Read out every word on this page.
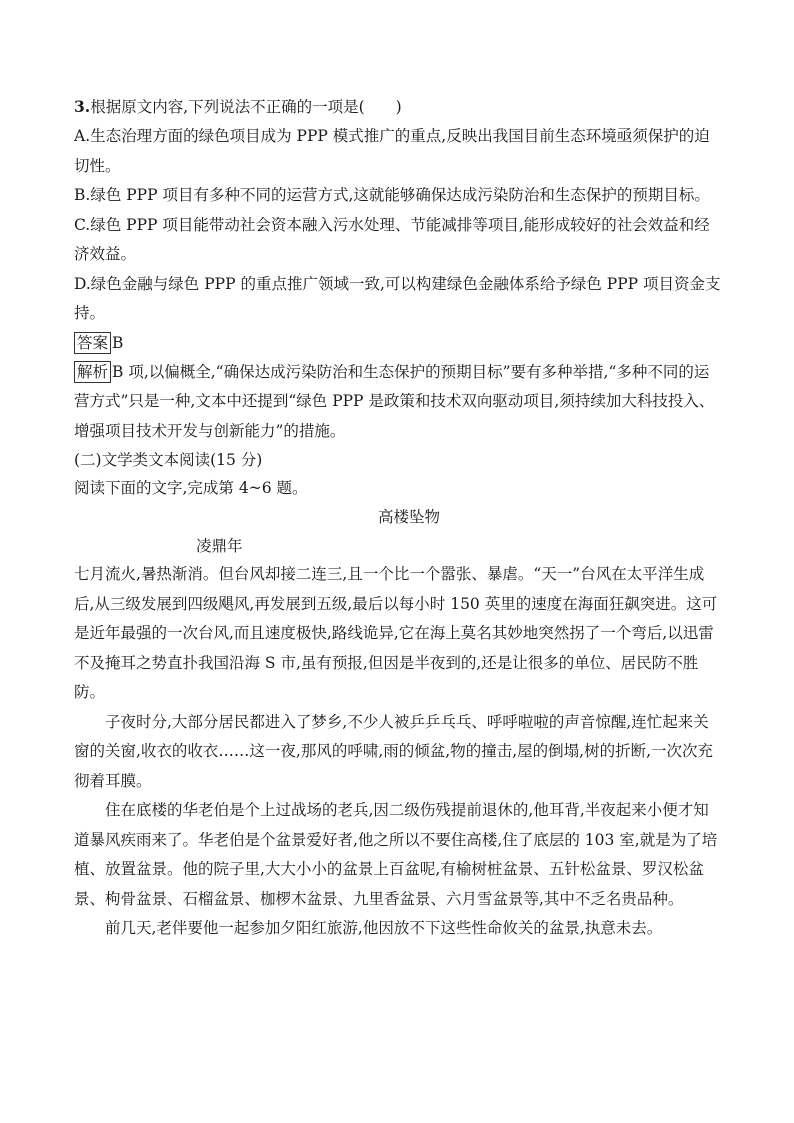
3.根据原文内容,下列说法不正确的一项是(　　)
A.生态治理方面的绿色项目成为 PPP 模式推广的重点,反映出我国目前生态环境亟须保护的迫切性。
B.绿色 PPP 项目有多种不同的运营方式,这就能够确保达成污染防治和生态保护的预期目标。
C.绿色 PPP 项目能带动社会资本融入污水处理、节能减排等项目,能形成较好的社会效益和经济效益。
D.绿色金融与绿色 PPP 的重点推广领域一致,可以构建绿色金融体系给予绿色 PPP 项目资金支持。
答案 B
解析 B 项,以偏概全,“确保达成污染防治和生态保护的预期目标”要有多种举措,“多种不同的运营方式”只是一种,文本中还提到“绿色 PPP 是政策和技术双向驱动项目,须持续加大科技投入、增强项目技术开发与创新能力”的措施。
(二)文学类文本阅读(15 分)
阅读下面的文字,完成第 4~6 题。
高楼坠物
凌鼎年
七月流火,暑热渐消。但台风却接二连三,且一个比一个嚣张、暴虐。“天一”台风在太平洋生成后,从三级发展到四级飓风,再发展到五级,最后以每小时 150 英里的速度在海面狂飙突进。这可是近年最强的一次台风,而且速度极快,路线诡异,它在海上莫名其妙地突然拐了一个弯后,以迅雷不及掩耳之势直扑我国沿海 S 市,虽有预报,但因是半夜到的,还是让很多的单位、居民防不胜防。
子夜时分,大部分居民都进入了梦乡,不少人被乒乒乓乓、呼呼啦啦的声音惊醒,连忙起来关窗的关窗,收衣的收衣……这一夜,那风的呼啸,雨的倾盆,物的撞击,屋的倒塌,树的折断,一次次充彻着耳膜。
住在底楼的华老伯是个上过战场的老兵,因二级伤残提前退休的,他耳背,半夜起来小便才知道暴风疾雨来了。华老伯是个盆景爱好者,他之所以不要住高楼,住了底层的 103 室,就是为了培植、放置盆景。他的院子里,大大小小的盆景上百盆呢,有榆树桩盆景、五针松盆景、罗汉松盆景、枸骨盆景、石榴盆景、枷椤木盆景、九里香盆景、六月雪盆景等,其中不乏名贵品种。
前几天,老伴要他一起参加夕阳红旅游,他因放不下这些性命攸关的盆景,执意未去。
